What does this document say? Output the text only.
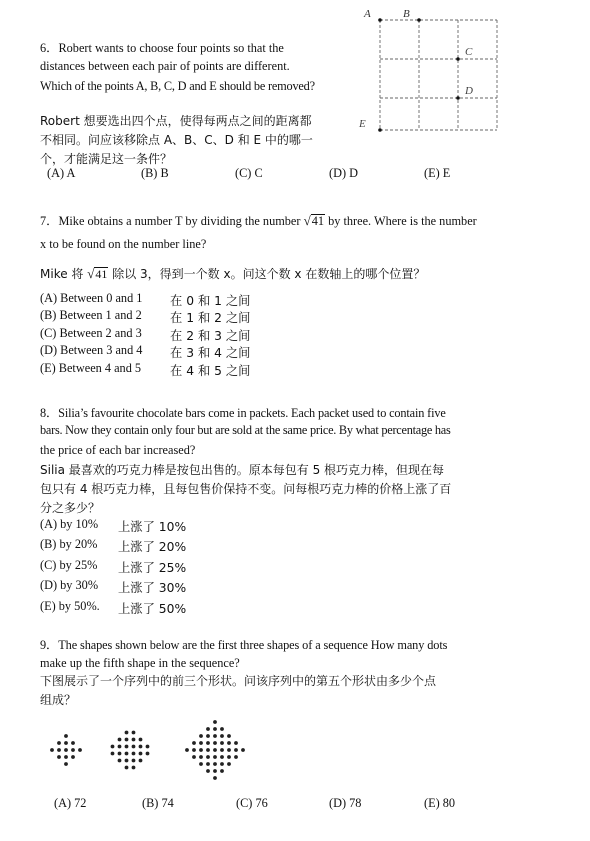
6．Robert wants to choose four points so that the
distances between each pair of points are different.
Which of the points A, B, C, D and E should be removed?
Robert 想要选出四个点，使得每两点之间的距离都
不相同。问应该移除点 A、B、C、D 和 E 中的哪一
个，才能满足这一条件？
(A) A	(B) B	(C) C	(D) D	(E) E
A	B
C
D
E
7．Mike obtains a number T by dividing the number √41 by three. Where is the number
x to be found on the number line?
Mike 将 √41 除以 3，得到一个数 x。问这个数 x 在数轴上的哪个位置？
(A) Between 0 and 1 在 0 和 1 之间
(B) Between 1 and 2 在 1 和 2 之间
(C) Between 2 and 3 在 2 和 3 之间
(D) Between 3 and 4 在 3 和 4 之间
(E) Between 4 and 5 在 4 和 5 之间
8．Silia’s favourite chocolate bars come in packets. Each packet used to contain five
bars. Now they contain only four but are sold at the same price. By what percentage has
the price of each bar increased?
Silia 最喜欢的巧克力棒是按包出售的。原本每包有 5 根巧克力棒，但现在每
包只有 4 根巧克力棒，且每包售价保持不变。问每根巧克力棒的价格上涨了百
分之多少？
(A) by 10% 上涨了 10%
(B) by 20% 上涨了 20%
(C) by 25% 上涨了 25%
(D) by 30% 上涨了 30%
(E) by 50%. 上涨了 50%
9．The shapes shown below are the first three shapes of a sequence How many dots
make up the fifth shape in the sequence?
下图展示了一个序列中的前三个形状。问该序列中的第五个形状由多少个点
组成？
(A) 72	(B) 74	(C) 76	(D) 78	(E) 80
